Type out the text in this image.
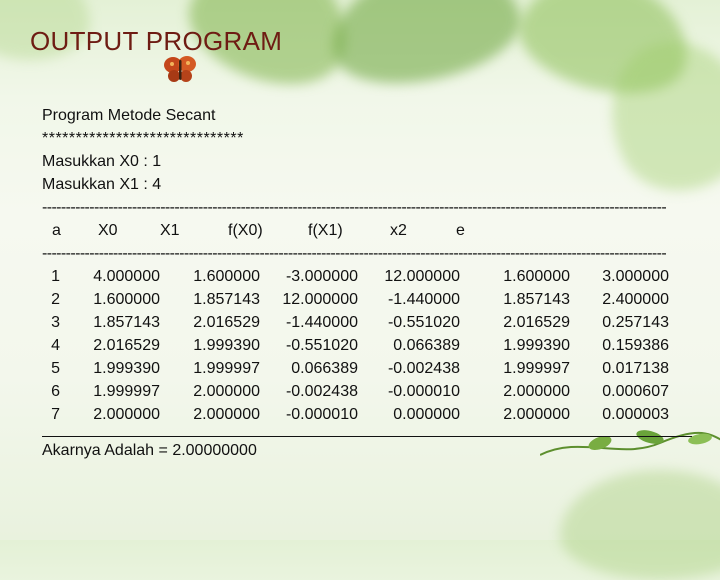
OUTPUT PROGRAM
Program Metode Secant
******************************
Masukkan X0 : 1
Masukkan X1 : 4
------------------------------------------------------------------------------------------------------------------------------------
a X0	X1	f(X0)	f(X1)	x2	e
------------------------------------------------------------------------------------------------------------------------------------
1	4.000000	1.600000	-3.000000	12.000000	1.600000	3.000000
2	1.600000	1.857143	12.000000	-1.440000	1.857143	2.400000
3	1.857143	2.016529	-1.440000	-0.551020	2.016529	0.257143
4	2.016529	1.999390	-0.551020	0.066389	1.999390	0.159386
5	1.999390	1.999997	0.066389	-0.002438	1.999997	0.017138
6	1.999997	2.000000	-0.002438	-0.000010	2.000000	0.000607
7	2.000000	2.000000	-0.000010	0.000000	2.000000	0.000003
Akarnya Adalah = 2.00000000
